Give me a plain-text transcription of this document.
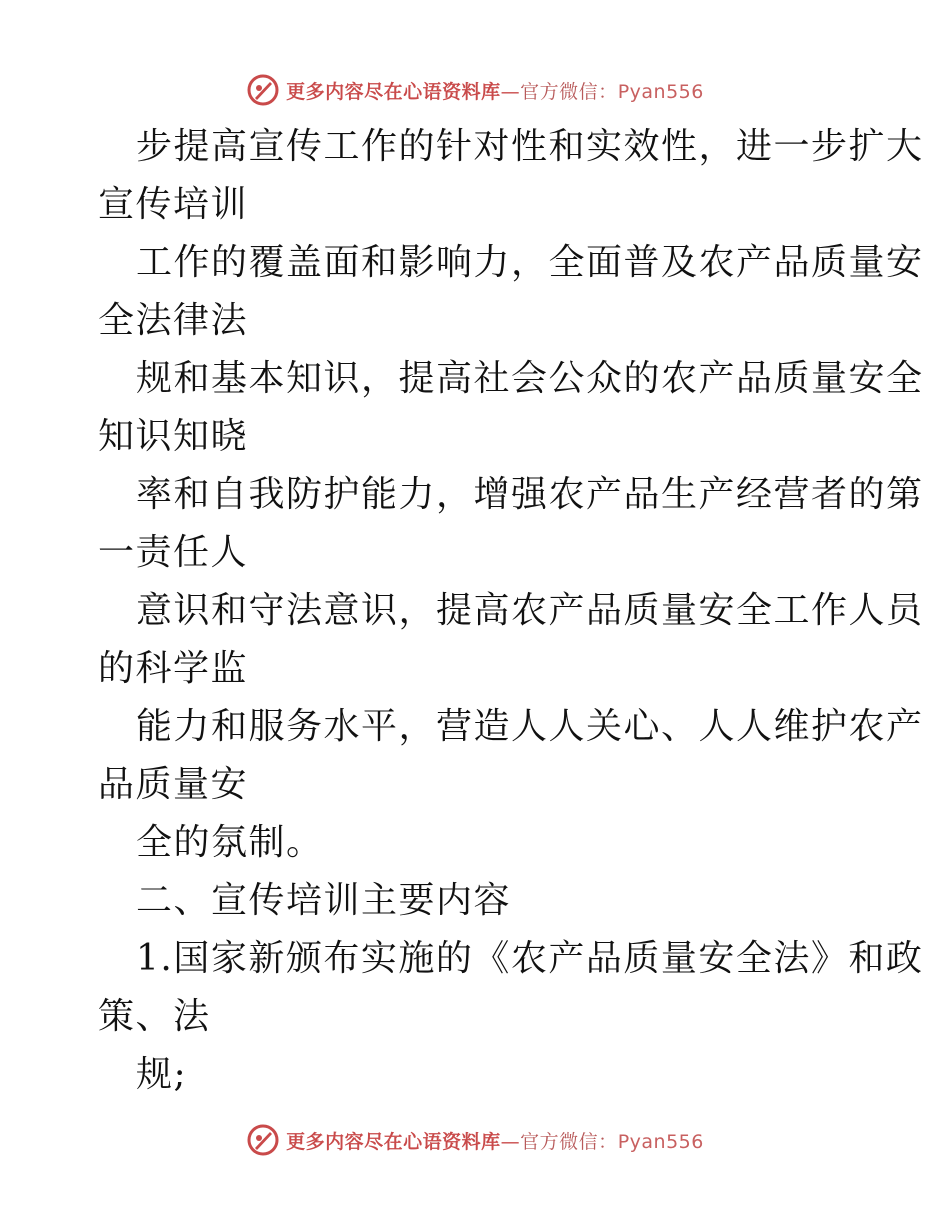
更多内容尽在心语资料库—官方微信：Pyan556
步提高宣传工作的针对性和实效性，进一步扩大
宣传培训
工作的覆盖面和影响力，全面普及农产品质量安
全法律法
规和基本知识，提高社会公众的农产品质量安全
知识知晓
率和自我防护能力，增强农产品生产经营者的第
一责任人
意识和守法意识，提高农产品质量安全工作人员
的科学监
能力和服务水平，营造人人关心、人人维护农产
品质量安
全的氛制。
二、宣传培训主要内容
1.国家新颁布实施的《农产品质量安全法》和政
策、法
规;
更多内容尽在心语资料库—官方微信：Pyan556
